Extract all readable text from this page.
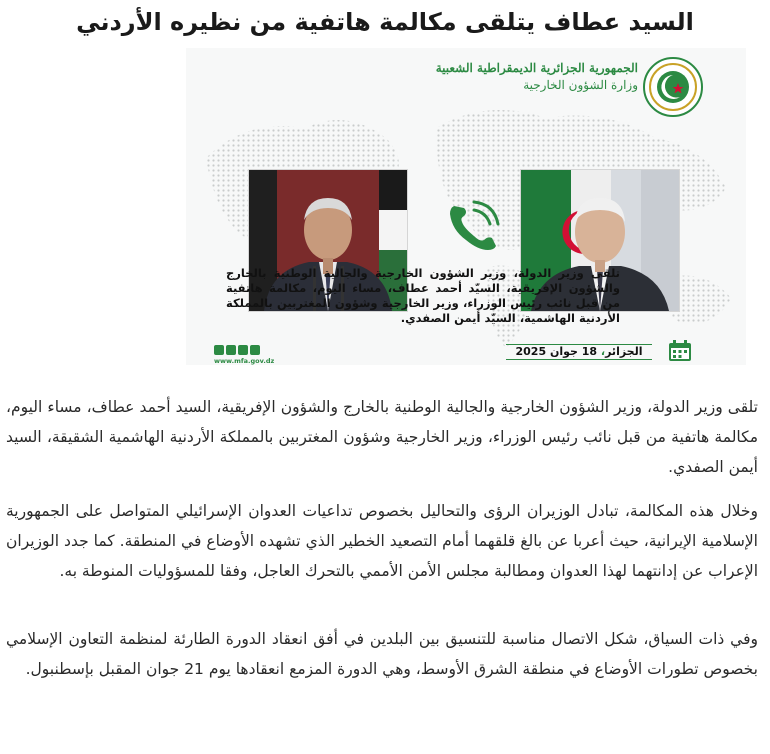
السيد عطاف يتلقى مكالمة هاتفية من نظيره الأردني
الجمهورية الجزائرية الديمقراطية الشعبية
وزارة الشؤون الخارجية
تلقى وزير الدولة، وزير الشؤون الخارجية والجالية الوطنية بالخارج والشؤون الإفريقية، السيّد أحمد عطاف، مساء اليوم، مكالمة هاتفية من قبل نائب رئيس الوزراء، وزير الخارجية وشؤون المغتربين بالمملكة الأردنية الهاشمية، السيّد أيمن الصفدي.
الجزائر، 18 جوان 2025
www.mfa.gov.dz

تلقى وزير الدولة، وزير الشؤون الخارجية والجالية الوطنية بالخارج والشؤون الإفريقية، السيد أحمد عطاف، مساء اليوم، مكالمة هاتفية من قبل نائب رئيس الوزراء، وزير الخارجية وشؤون المغتربين بالمملكة الأردنية الهاشمية الشقيقة، السيد أيمن الصفدي.

وخلال هذه المكالمة، تبادل الوزيران الرؤى والتحاليل بخصوص تداعيات العدوان الإسرائيلي المتواصل على الجمهورية الإسلامية الإيرانية، حيث أعربا عن بالغ قلقهما أمام التصعيد الخطير الذي تشهده الأوضاع في المنطقة. كما جدد الوزيران الإعراب عن إدانتهما لهذا العدوان ومطالبة مجلس الأمن الأممي بالتحرك العاجل، وفقا للمسؤوليات المنوطة به.

وفي ذات السياق، شكل الاتصال مناسبة للتنسيق بين البلدين في أفق انعقاد الدورة الطارئة لمنظمة التعاون الإسلامي بخصوص تطورات الأوضاع في منطقة الشرق الأوسط، وهي الدورة المزمع انعقادها يوم 21 جوان المقبل بإسطنبول.
